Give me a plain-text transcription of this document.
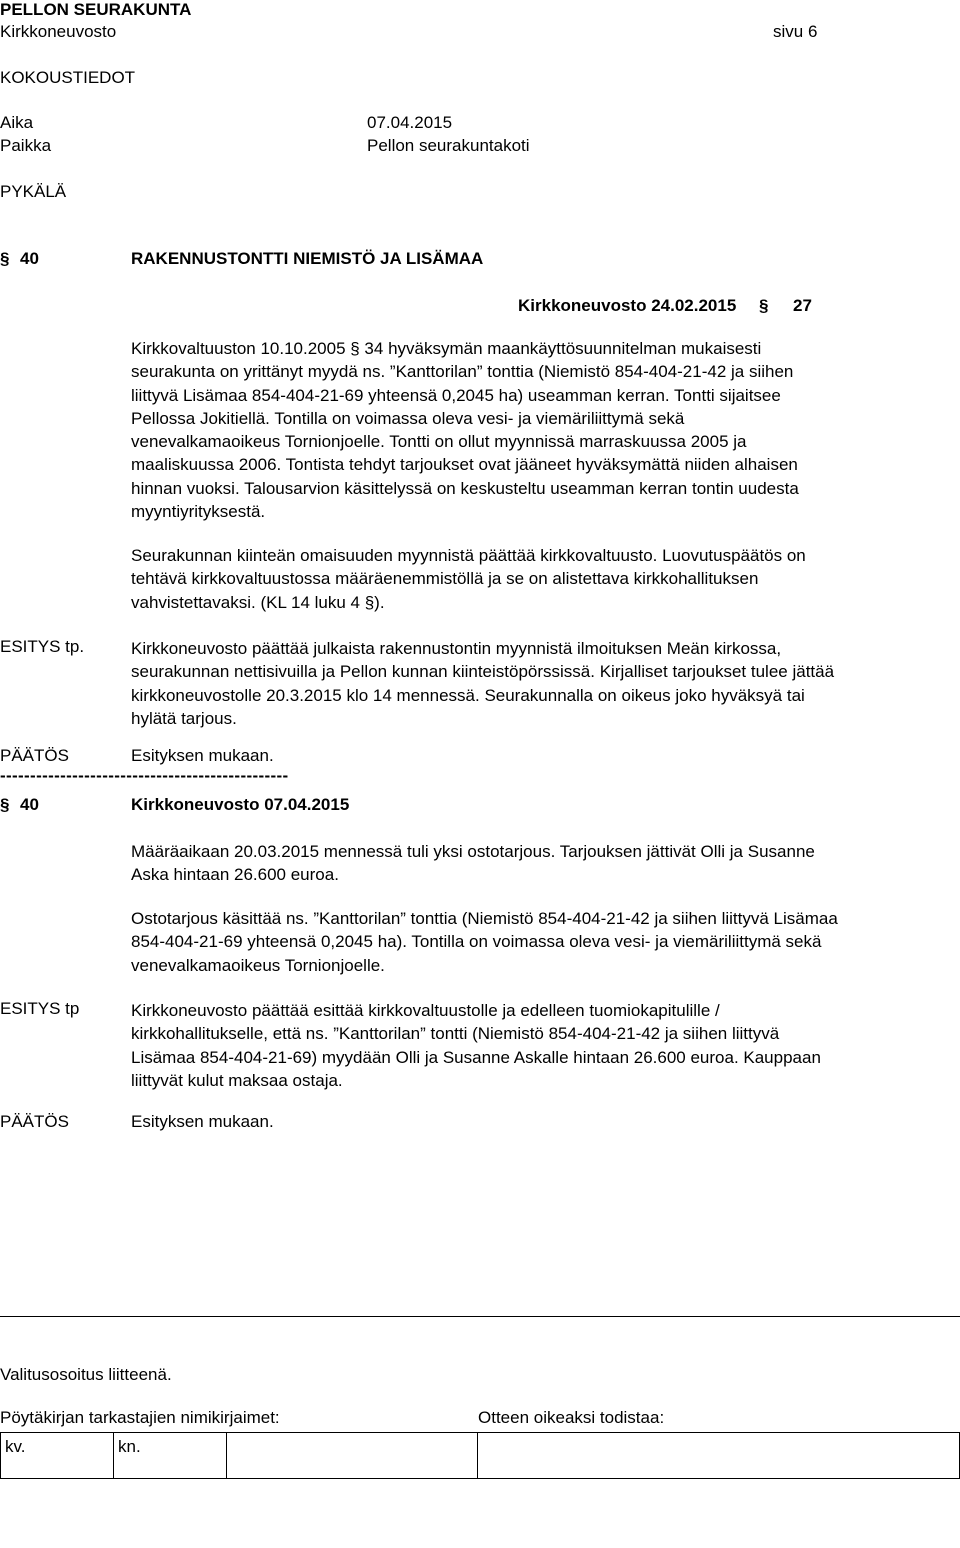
PELLON SEURAKUNTA
Kirkkoneuvosto	sivu 6
KOKOUSTIEDOT
Aika	07.04.2015
Paikka	Pellon seurakuntakoti
PYKÄLÄ
§ 40	RAKENNUSTONTTI NIEMISTÖ JA LISÄMAA
Kirkkoneuvosto 24.02.2015 § 27
Kirkkovaltuuston 10.10.2005 § 34 hyväksymän maankäyttösuunnitelman mukaisesti
seurakunta on yrittänyt myydä ns. ”Kanttorilan” tonttia (Niemistö 854-404-21-42 ja siihen
liittyvä Lisämaa 854-404-21-69 yhteensä 0,2045 ha) useamman kerran. Tontti sijaitsee
Pellossa Jokitiellä. Tontilla on voimassa oleva vesi- ja viemäriliittymä sekä
venevalkamaoikeus Tornionjoelle. Tontti on ollut myynnissä marraskuussa 2005 ja
maaliskuussa 2006. Tontista tehdyt tarjoukset ovat jääneet hyväksymättä niiden alhaisen
hinnan vuoksi. Talousarvion käsittelyssä on keskusteltu useamman kerran tontin uudesta
myyntiyrityksestä.
Seurakunnan kiinteän omaisuuden myynnistä päättää kirkkovaltuusto. Luovutuspäätös on
tehtävä kirkkovaltuustossa määräenemmistöllä ja se on alistettava kirkkohallituksen
vahvistettavaksi. (KL 14 luku 4 §).
ESITYS tp.	Kirkkoneuvosto päättää julkaista rakennustontin myynnistä ilmoituksen Meän kirkossa,
seurakunnan nettisivuilla ja Pellon kunnan kiinteistöpörssissä. Kirjalliset tarjoukset tulee jättää
kirkkoneuvostolle 20.3.2015 klo 14 mennessä. Seurakunnalla on oikeus joko hyväksyä tai
hylätä tarjous.
PÄÄTÖS	Esityksen mukaan.
------------------------------------------------
§ 40	Kirkkoneuvosto 07.04.2015
Määräaikaan 20.03.2015 mennessä tuli yksi ostotarjous. Tarjouksen jättivät Olli ja Susanne
Aska hintaan 26.600 euroa.
Ostotarjous käsittää ns. ”Kanttorilan” tonttia (Niemistö 854-404-21-42 ja siihen liittyvä Lisämaa
854-404-21-69 yhteensä 0,2045 ha). Tontilla on voimassa oleva vesi- ja viemäriliittymä sekä
venevalkamaoikeus Tornionjoelle.
ESITYS tp	Kirkkoneuvosto päättää esittää kirkkovaltuustolle ja edelleen tuomiokapitulille /
kirkkohallitukselle, että ns. ”Kanttorilan” tontti (Niemistö 854-404-21-42 ja siihen liittyvä
Lisämaa 854-404-21-69) myydään Olli ja Susanne Askalle hintaan 26.600 euroa. Kauppaan
liittyvät kulut maksaa ostaja.
PÄÄTÖS	Esityksen mukaan.
Valitusosoitus liitteenä.
Pöytäkirjan tarkastajien nimikirjaimet:	Otteen oikeaksi todistaa:
kv.	kn.
